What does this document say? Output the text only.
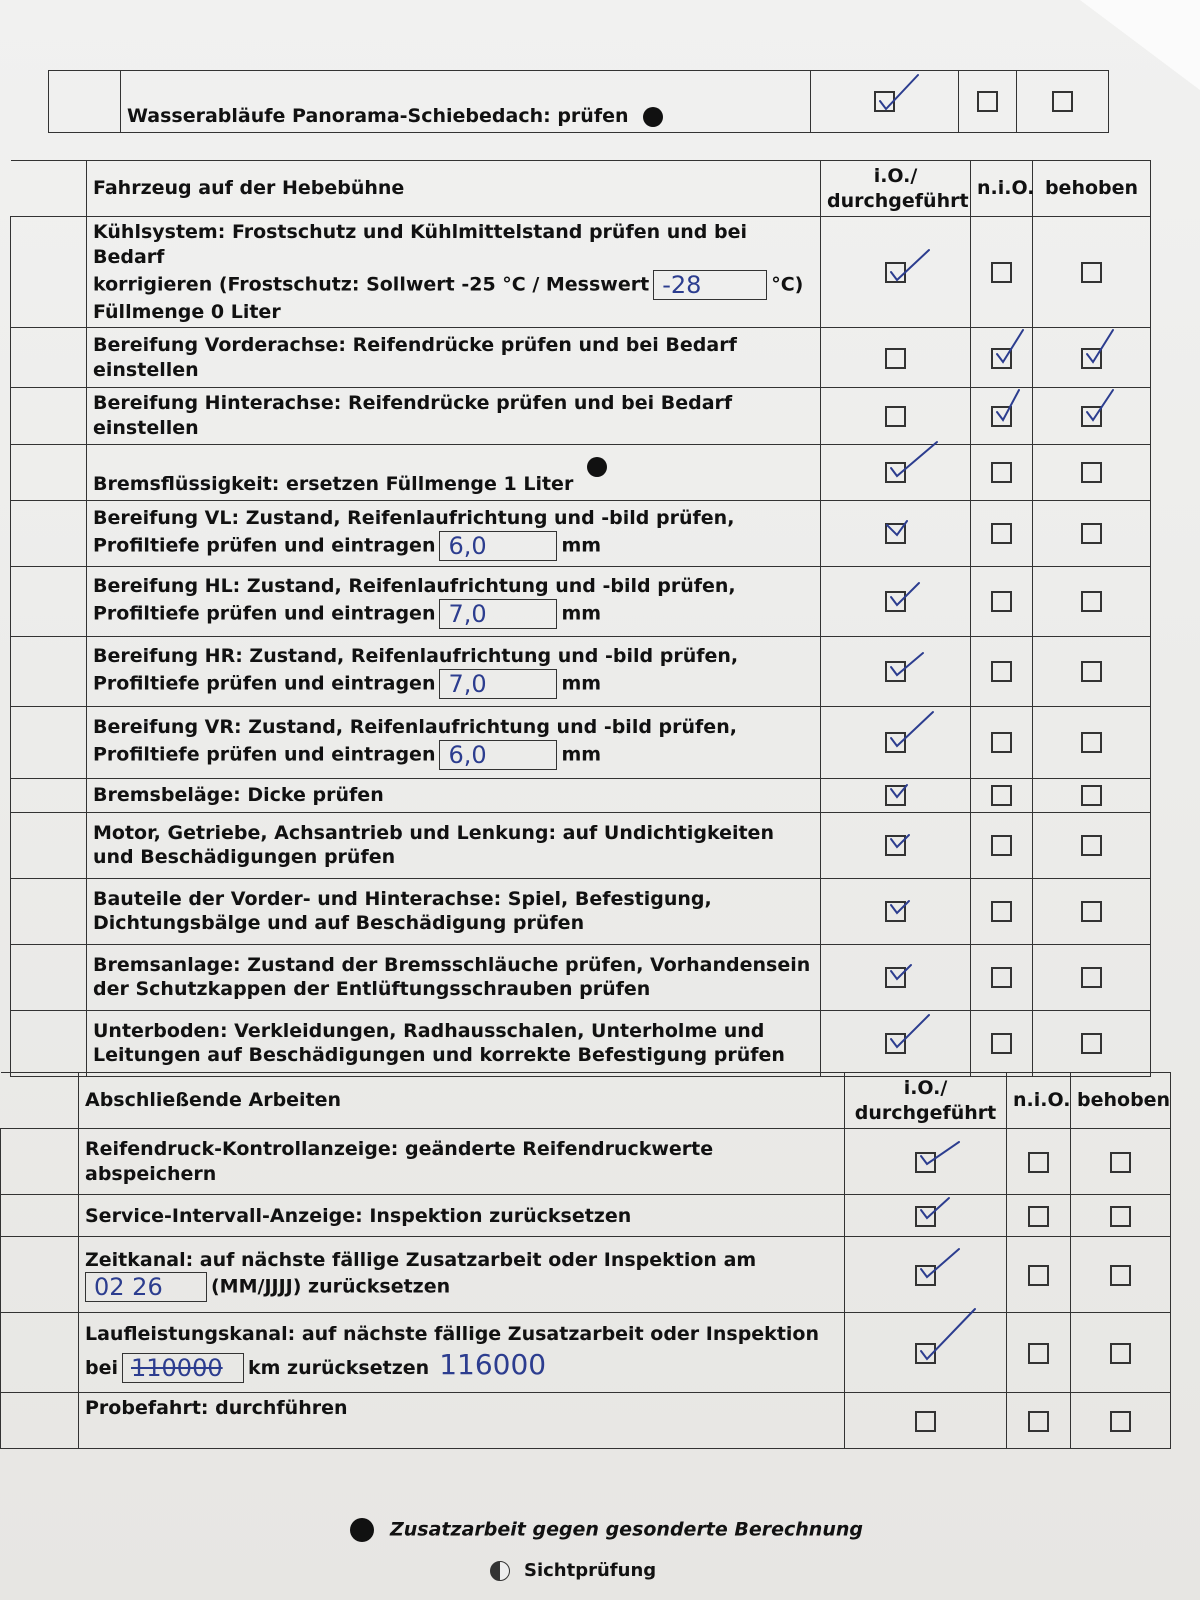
	Wasserabläufe Panorama-Schiebedach: prüfen	

	Fahrzeug auf der Hebebühne	i.O./ durchgeführt	n.i.O.	behoben

	Kühlsystem: Frostschutz und Kühlmittelstand prüfen und bei Bedarf
korrigieren (Frostschutz: Sollwert -25 °C / Messwert -28 °C)
Füllmenge 0 Liter

	Bereifung Vorderachse: Reifendrücke prüfen und bei Bedarf einstellen		

	Bereifung Hinterachse: Reifendrücke prüfen und bei Bedarf einstellen		

	Bremsflüssigkeit: ersetzen Füllmenge 1 Liter	

	Bereifung VL: Zustand, Reifenlaufrichtung und -bild prüfen,
Profiltiefe prüfen und eintragen 6,0 mm

	Bereifung HL: Zustand, Reifenlaufrichtung und -bild prüfen,
Profiltiefe prüfen und eintragen 7,0 mm

	Bereifung HR: Zustand, Reifenlaufrichtung und -bild prüfen,
Profiltiefe prüfen und eintragen 7,0 mm

	Bereifung VR: Zustand, Reifenlaufrichtung und -bild prüfen,
Profiltiefe prüfen und eintragen 6,0 mm

	Bremsbeläge: Dicke prüfen	

	Motor, Getriebe, Achsantrieb und Lenkung: auf Undichtigkeiten und Beschädigungen prüfen	

	Bauteile der Vorder- und Hinterachse: Spiel, Befestigung, Dichtungsbälge und auf Beschädigung prüfen	

	Bremsanlage: Zustand der Bremsschläuche prüfen, Vorhandensein der Schutzkappen der Entlüftungsschrauben prüfen	

	Unterboden: Verkleidungen, Radhausschalen, Unterholme und Leitungen auf Beschädigungen und korrekte Befestigung prüfen	

	Abschließende Arbeiten	i.O./ durchgeführt	n.i.O.	behoben
	Reifendruck-Kontrollanzeige: geänderte Reifendruckwerte abspeichern	

	Service-Intervall-Anzeige: Inspektion zurücksetzen	

	Zeitkanal: auf nächste fällige Zusatzarbeit oder Inspektion am
02 26 (MM/JJJJ) zurücksetzen

	Laufleistungskanal: auf nächste fällige Zusatzarbeit oder Inspektion
bei 110000 km zurücksetzen 116000

	Probefahrt: durchführen			
Zusatzarbeit gegen gesonderte Berechnung
Sichtprüfung
